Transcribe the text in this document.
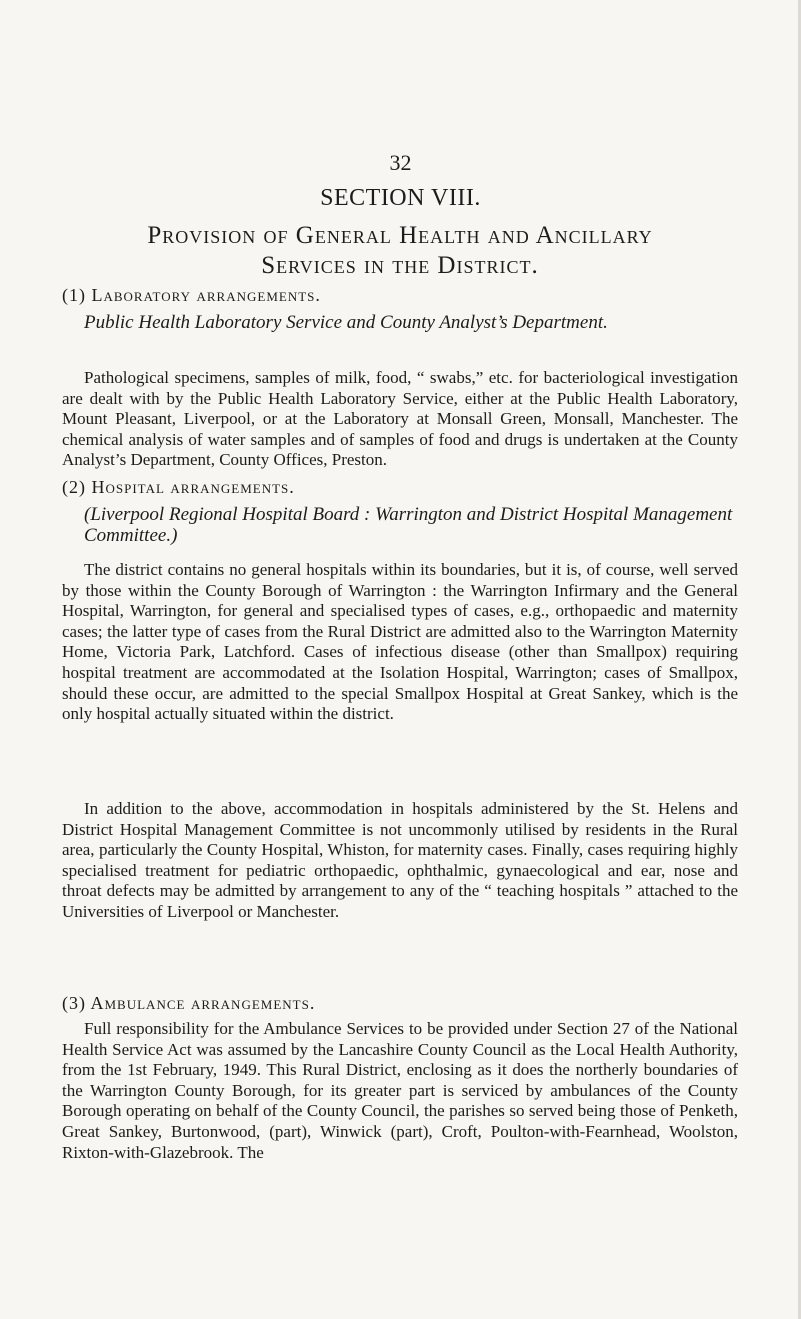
32
SECTION VIII.
Provision of General Health and Ancillary
Services in the District.
(1) Laboratory arrangements.
Public Health Laboratory Service and County Analyst’s Department.

Pathological specimens, samples of milk, food, “ swabs,” etc. for bacteriological investigation are dealt with by the Public Health Laboratory Service, either at the Public Health Laboratory, Mount Pleasant, Liverpool, or at the Laboratory at Monsall Green, Monsall, Manchester. The chemical analysis of water samples and of samples of food and drugs is undertaken at the County Analyst’s Department, County Offices, Preston.

(2) Hospital arrangements.
(Liverpool Regional Hospital Board : Warrington and District Hospital Management Committee.)

The district contains no general hospitals within its boundaries, but it is, of course, well served by those within the County Borough of Warrington : the Warrington Infirmary and the General Hospital, Warrington, for general and specialised types of cases, e.g., orthopaedic and maternity cases; the latter type of cases from the Rural District are admitted also to the Warrington Maternity Home, Victoria Park, Latchford. Cases of infectious disease (other than Smallpox) requiring hospital treatment are accommodated at the Isolation Hospital, Warrington; cases of Smallpox, should these occur, are admitted to the special Smallpox Hospital at Great Sankey, which is the only hospital actually situated within the district.

In addition to the above, accommodation in hospitals administered by the St. Helens and District Hospital Management Committee is not uncommonly utilised by residents in the Rural area, particularly the County Hospital, Whiston, for maternity cases. Finally, cases requiring highly specialised treatment for pediatric orthopaedic, ophthalmic, gynaecological and ear, nose and throat defects may be admitted by arrangement to any of the “ teaching hospitals ” attached to the Universities of Liverpool or Manchester.

(3) Ambulance arrangements.

Full responsibility for the Ambulance Services to be provided under Section 27 of the National Health Service Act was assumed by the Lancashire County Council as the Local Health Authority, from the 1st February, 1949. This Rural District, enclosing as it does the northerly boundaries of the Warrington County Borough, for its greater part is serviced by ambulances of the County Borough operating on behalf of the County Council, the parishes so served being those of Penketh, Great Sankey, Burtonwood, (part), Winwick (part), Croft, Poulton-with-Fearnhead, Woolston, Rixton-with-Glazebrook. The
